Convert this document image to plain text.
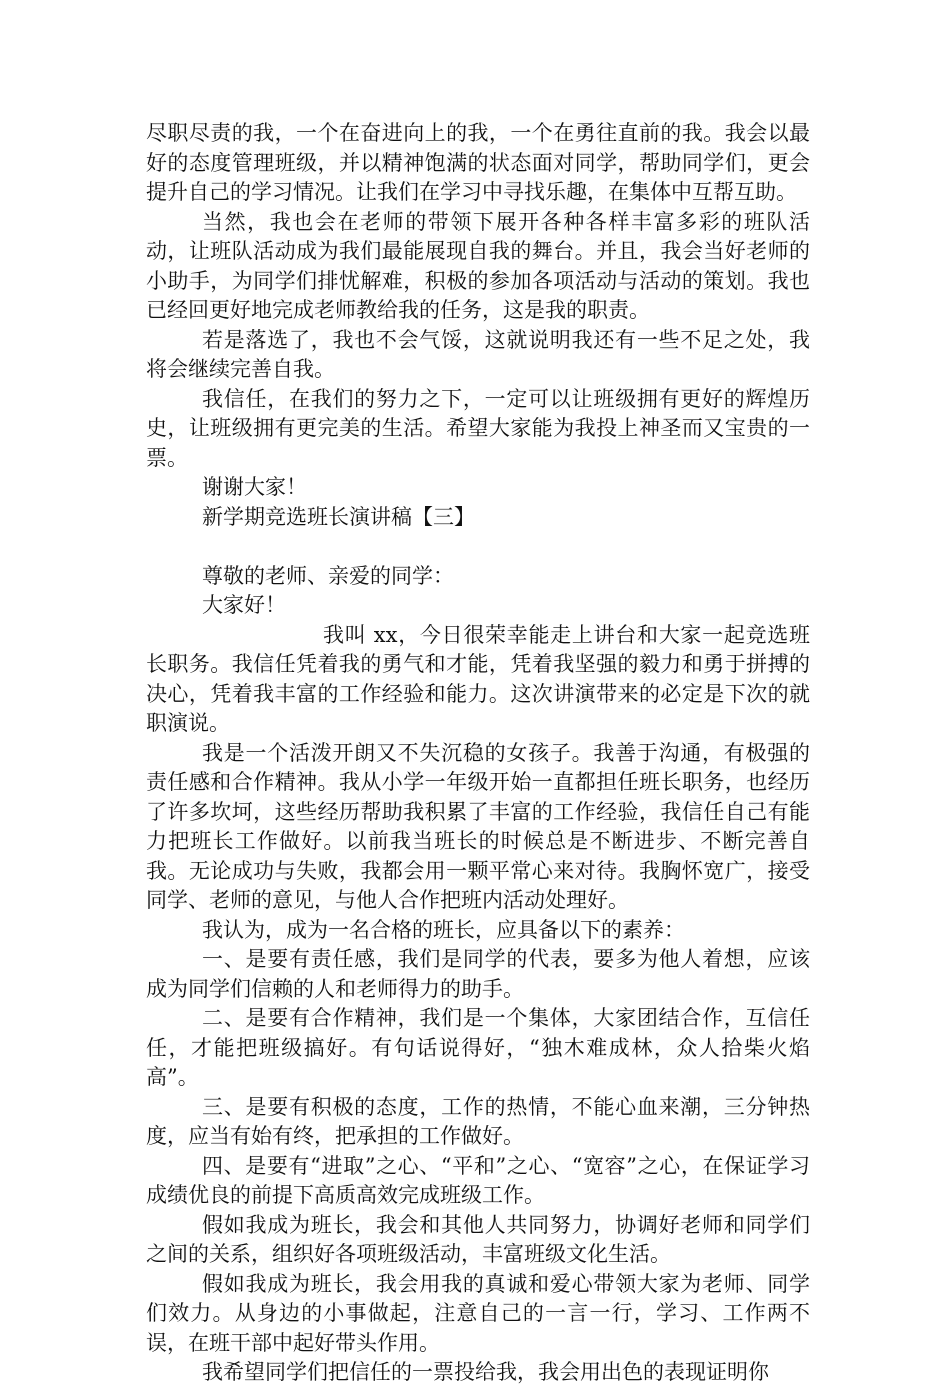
尽职尽责的我，一个在奋进向上的我，一个在勇往直前的我。我会以最好的态度管理班级，并以精神饱满的状态面对同学，帮助同学们，更会提升自己的学习情况。让我们在学习中寻找乐趣，在集体中互帮互助。

当然，我也会在老师的带领下展开各种各样丰富多彩的班队活动，让班队活动成为我们最能展现自我的舞台。并且，我会当好老师的小助手，为同学们排忧解难，积极的参加各项活动与活动的策划。我也已经回更好地完成老师教给我的任务，这是我的职责。

若是落选了，我也不会气馁，这就说明我还有一些不足之处，我将会继续完善自我。

我信任，在我们的努力之下，一定可以让班级拥有更好的辉煌历史，让班级拥有更完美的生活。希望大家能为我投上神圣而又宝贵的一票。

谢谢大家！

新学期竞选班长演讲稿【三】

尊敬的老师、亲爱的同学：

大家好！

我叫 xx，今日很荣幸能走上讲台和大家一起竞选班长职务。我信任凭着我的勇气和才能，凭着我坚强的毅力和勇于拼搏的决心，凭着我丰富的工作经验和能力。这次讲演带来的必定是下次的就职演说。

我是一个活泼开朗又不失沉稳的女孩子。我善于沟通，有极强的责任感和合作精神。我从小学一年级开始一直都担任班长职务，也经历了许多坎坷，这些经历帮助我积累了丰富的工作经验，我信任自己有能力把班长工作做好。以前我当班长的时候总是不断进步、不断完善自我。无论成功与失败，我都会用一颗平常心来对待。我胸怀宽广，接受同学、老师的意见，与他人合作把班内活动处理好。

我认为，成为一名合格的班长，应具备以下的素养：

一、是要有责任感，我们是同学的代表，要多为他人着想，应该成为同学们信赖的人和老师得力的助手。

二、是要有合作精神，我们是一个集体，大家团结合作，互信任任，才能把班级搞好。有句话说得好，“独木难成林，众人拾柴火焰高”。

三、是要有积极的态度，工作的热情，不能心血来潮，三分钟热度，应当有始有终，把承担的工作做好。

四、是要有“进取”之心、“平和”之心、“宽容”之心，在保证学习成绩优良的前提下高质高效完成班级工作。

假如我成为班长，我会和其他人共同努力，协调好老师和同学们之间的关系，组织好各项班级活动，丰富班级文化生活。

假如我成为班长，我会用我的真诚和爱心带领大家为老师、同学们效力。从身边的小事做起，注意自己的一言一行，学习、工作两不误，在班干部中起好带头作用。

我希望同学们把信任的一票投给我，我会用出色的表现证明你
